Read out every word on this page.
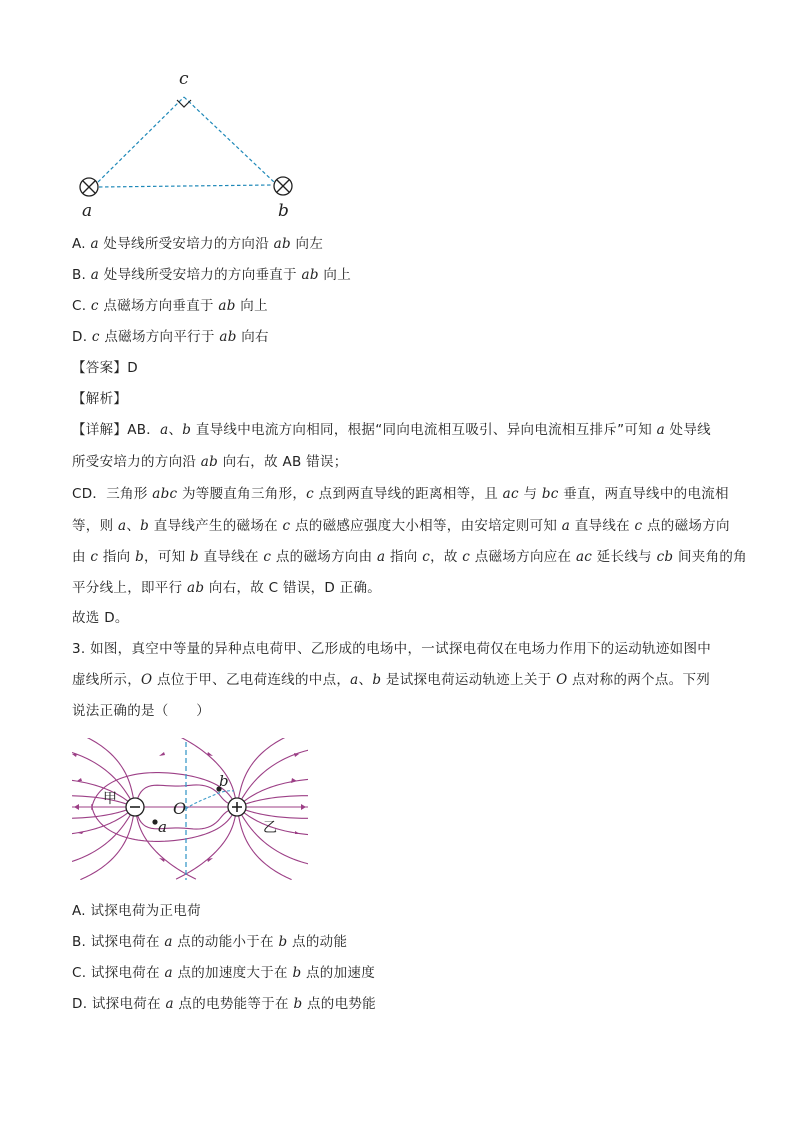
c
a	b
A. a 处导线所受安培力的方向沿 ab 向左
B. a 处导线所受安培力的方向垂直于 ab 向上
C. c 点磁场方向垂直于 ab 向上
D. c 点磁场方向平行于 ab 向右
【答案】D
【解析】
【详解】AB．a、b 直导线中电流方向相同，根据“同向电流相互吸引、异向电流相互排斥”可知 a 处导线
所受安培力的方向沿 ab 向右，故 AB 错误；
CD．三角形 abc 为等腰直角三角形，c 点到两直导线的距离相等，且 ac 与 bc 垂直，两直导线中的电流相
等，则 a、b 直导线产生的磁场在 c 点的磁感应强度大小相等，由安培定则可知 a 直导线在 c 点的磁场方向
由 c 指向 b，可知 b 直导线在 c 点的磁场方向由 a 指向 c，故 c 点磁场方向应在 ac 延长线与 cb 间夹角的角
平分线上，即平行 ab 向右，故 C 错误，D 正确。
故选 D。
3. 如图，真空中等量的异种点电荷甲、乙形成的电场中，一试探电荷仅在电场力作用下的运动轨迹如图中
虚线所示，O 点位于甲、乙电荷连线的中点，a、b 是试探电荷运动轨迹上关于 O 点对称的两个点。下列
说法正确的是（　　）
甲
乙
O
b
a
A. 试探电荷为正电荷
B. 试探电荷在 a 点的动能小于在 b 点的动能
C. 试探电荷在 a 点的加速度大于在 b 点的加速度
D. 试探电荷在 a 点的电势能等于在 b 点的电势能
